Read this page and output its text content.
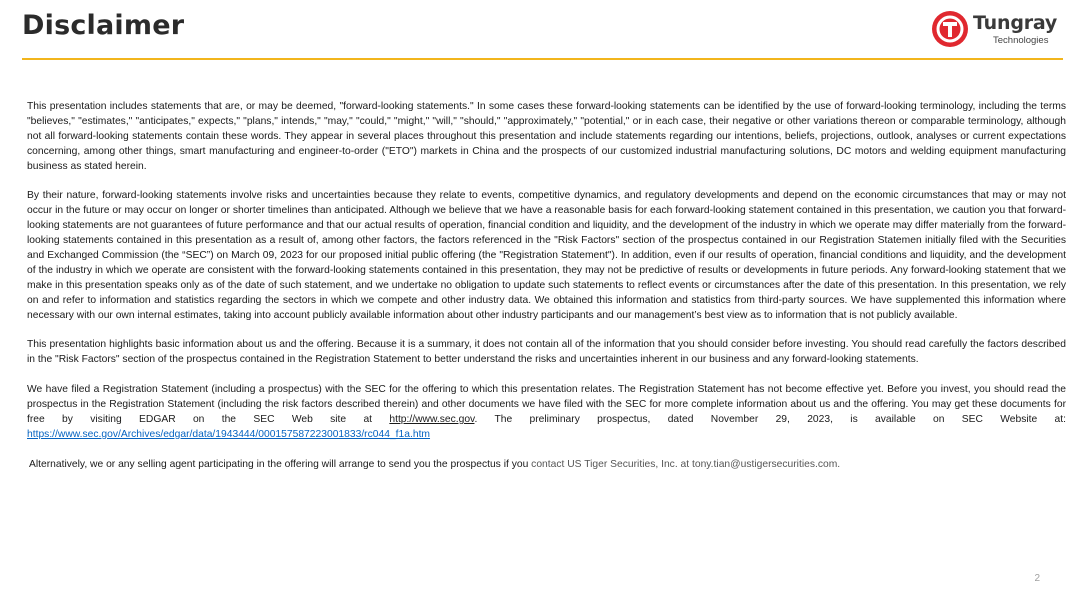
Disclaimer	Tungray
Technologies

This presentation includes statements that are, or may be deemed, "forward-looking statements." In some cases these forward-looking statements can be identified by the use of forward-looking terminology, including the terms "believes," "estimates," "anticipates," expects," "plans," intends," "may," "could," "might," "will," "should," "approximately," "potential," or in each case, their negative or other variations thereon or comparable terminology, although not all forward-looking statements contain these words. They appear in several places throughout this presentation and include statements regarding our intentions, beliefs, projections, outlook, analyses or current expectations concerning, among other things, smart manufacturing and engineer-to-order ("ETO") markets in China and the prospects of our customized industrial manufacturing solutions, DC motors and welding equipment manufacturing business as stated herein.

By their nature, forward-looking statements involve risks and uncertainties because they relate to events, competitive dynamics, and regulatory developments and depend on the economic circumstances that may or may not occur in the future or may occur on longer or shorter timelines than anticipated. Although we believe that we have a reasonable basis for each forward-looking statement contained in this presentation, we caution you that forward-looking statements are not guarantees of future performance and that our actual results of operation, financial condition and liquidity, and the development of the industry in which we operate may differ materially from the forward-looking statements contained in this presentation as a result of, among other factors, the factors referenced in the "Risk Factors" section of the prospectus contained in our Registration Statemen initially filed with the Securities and Exchanged Commission (the “SEC”) on March 09, 2023 for our proposed initial public offering (the "Registration Statement"). In addition, even if our results of operation, financial conditions and liquidity, and the development of the industry in which we operate are consistent with the forward-looking statements contained in this presentation, they may not be predictive of results or developments in future periods. Any forward-looking statement that we make in this presentation speaks only as of the date of such statement, and we undertake no obligation to update such statements to reflect events or circumstances after the date of this presentation. In this presentation, we rely on and refer to information and statistics regarding the sectors in which we compete and other industry data. We obtained this information and statistics from third-party sources. We have supplemented this information where necessary with our own internal estimates, taking into account publicly available information about other industry participants and our management’s best view as to information that is not publicly available.

This presentation highlights basic information about us and the offering. Because it is a summary, it does not contain all of the information that you should consider before investing. You should read carefully the factors described in the "Risk Factors" section of the prospectus contained in the Registration Statement to better understand the risks and uncertainties inherent in our business and any forward-looking statements.

We have filed a Registration Statement (including a prospectus) with the SEC for the offering to which this presentation relates. The Registration Statement has not become effective yet. Before you invest, you should read the prospectus in the Registration Statement (including the risk factors described therein) and other documents we have filed with the SEC for more complete information about us and the offering. You may get these documents for free by visiting EDGAR on the SEC Web site at http://www.sec.gov. The preliminary prospectus, dated November 29, 2023, is available on SEC Website at: https://www.sec.gov/Archives/edgar/data/1943444/000157587223001833/rc044_f1a.htm

Alternatively, we or any selling agent participating in the offering will arrange to send you the prospectus if you contact US Tiger Securities, Inc. at tony.tian@ustigersecurities.com.

2
